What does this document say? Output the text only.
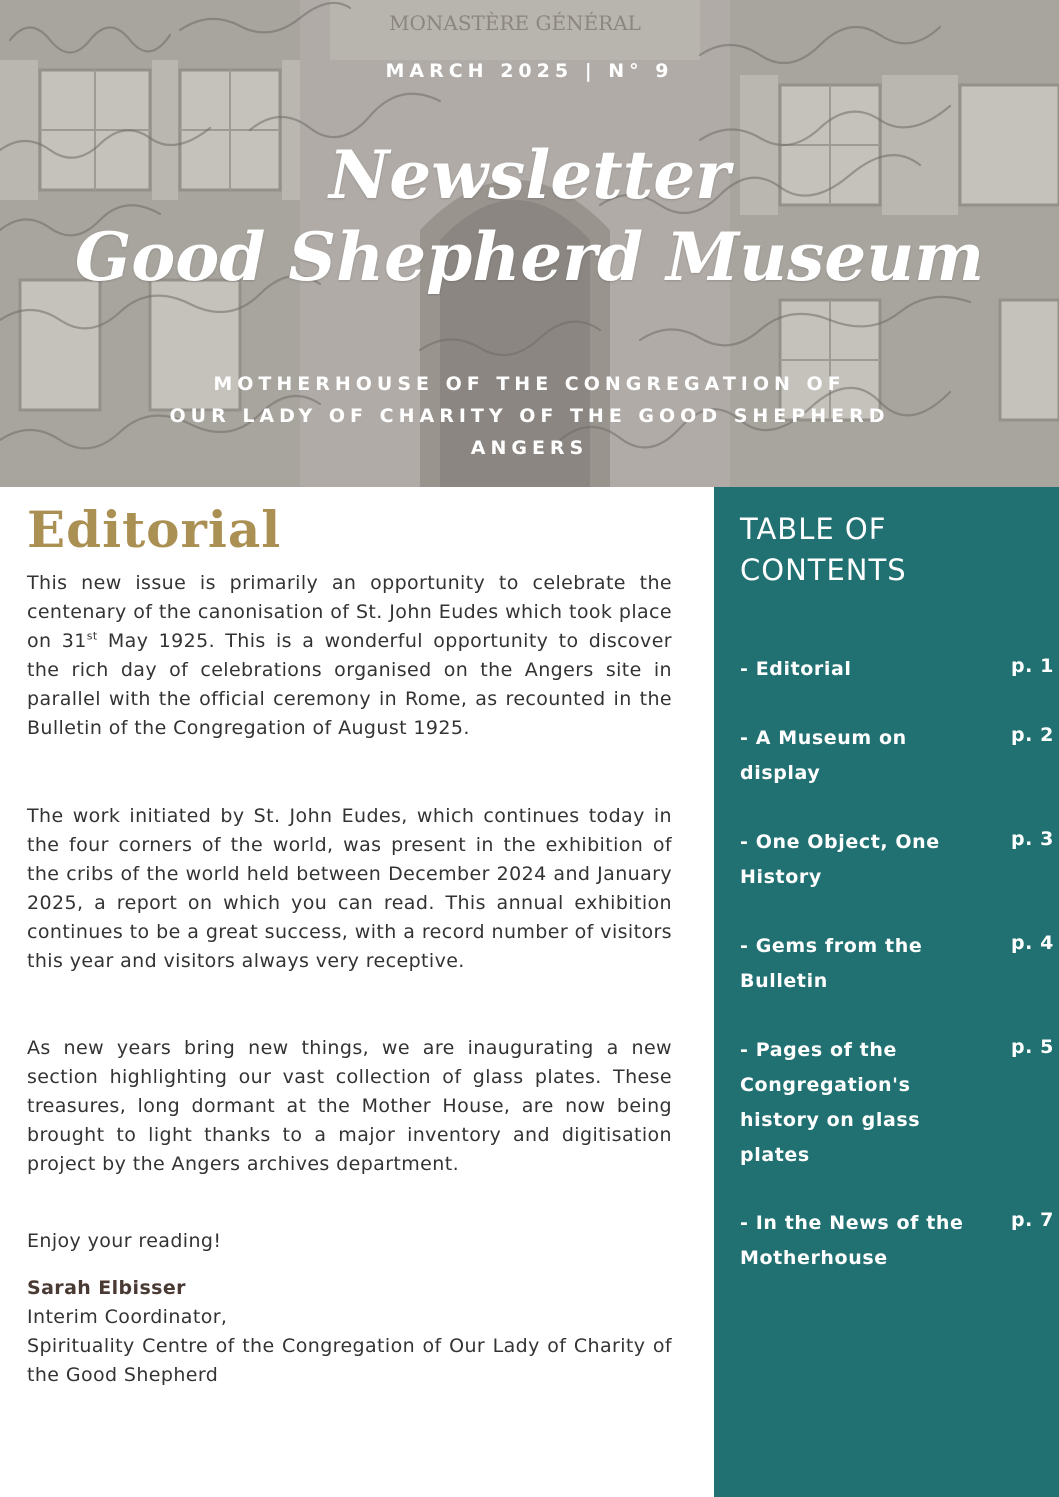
MONASTÈRE GÉNÉRAL
MARCH 2025 | N° 9
Newsletter
Good Shepherd Museum
MOTHERHOUSE OF THE CONGREGATION OF
OUR LADY OF CHARITY OF THE GOOD SHEPHERD
ANGERS
Editorial
This new issue is primarily an opportunity to celebrate the centenary of the canonisation of St. John Eudes which took place on 31st May 1925. This is a wonderful opportunity to discover the rich day of celebrations organised on the Angers site in parallel with the official ceremony in Rome, as recounted in the Bulletin of the Congregation of August 1925.
The work initiated by St. John Eudes, which continues today in the four corners of the world, was present in the exhibition of the cribs of the world held between December 2024 and January 2025, a report on which you can read. This annual exhibition continues to be a great success, with a record number of visitors this year and visitors always very receptive.
As new years bring new things, we are inaugurating a new section highlighting our vast collection of glass plates. These treasures, long dormant at the Mother House, are now being brought to light thanks to a major inventory and digitisation project by the Angers archives department.
Enjoy your reading!
Sarah Elbisser
Interim Coordinator,
Spirituality Centre of the Congregation of Our Lady of Charity of the Good Shepherd
TABLE OF
CONTENTS
- Editorial	p. 1
- A Museum on display
p. 2
- One Object, One History
p. 3
- Gems from the Bulletin
p. 4
- Pages of the Congregation's history on glass plates
p. 5
- In the News of the Motherhouse
p. 7
